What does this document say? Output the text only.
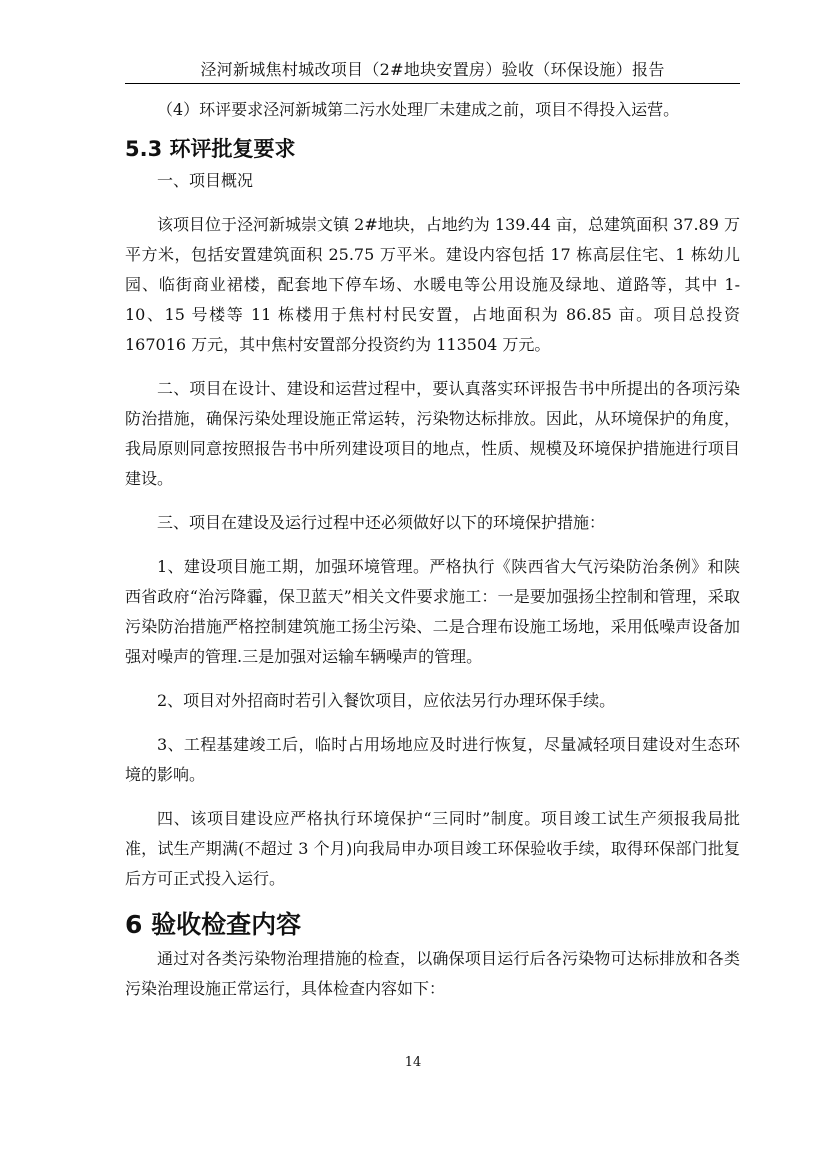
泾河新城焦村城改项目（2#地块安置房）验收（环保设施）报告

（4）环评要求泾河新城第二污水处理厂未建成之前，项目不得投入运营。

5.3 环评批复要求

一、项目概况

该项目位于泾河新城崇文镇 2#地块，占地约为 139.44 亩，总建筑面积 37.89 万平方米，包括安置建筑面积 25.75 万平米。建设内容包括 17 栋高层住宅、1 栋幼儿园、临街商业裙楼，配套地下停车场、水暖电等公用设施及绿地、道路等，其中 1-10、15 号楼等 11 栋楼用于焦村村民安置，占地面积为 86.85 亩。项目总投资 167016 万元，其中焦村安置部分投资约为 113504 万元。

二、项目在设计、建设和运营过程中，要认真落实环评报告书中所提出的各项污染防治措施，确保污染处理设施正常运转，污染物达标排放。因此，从环境保护的角度，我局原则同意按照报告书中所列建设项目的地点，性质、规模及环境保护措施进行项目建设。

三、项目在建设及运行过程中还必须做好以下的环境保护措施：

1、建设项目施工期，加强环境管理。严格执行《陕西省大气污染防治条例》和陕西省政府“治污降霾，保卫蓝天”相关文件要求施工：一是要加强扬尘控制和管理，采取污染防治措施严格控制建筑施工扬尘污染、二是合理布设施工场地，采用低噪声设备加强对噪声的管理.三是加强对运输车辆噪声的管理。

2、项目对外招商时若引入餐饮项目，应依法另行办理环保手续。

3、工程基建竣工后，临时占用场地应及时进行恢复，尽量减轻项目建设对生态环境的影响。

四、该项目建设应严格执行环境保护“三同时”制度。项目竣工试生产须报我局批准，试生产期满(不超过 3 个月)向我局申办项目竣工环保验收手续，取得环保部门批复后方可正式投入运行。

6 验收检查内容

通过对各类污染物治理措施的检查，以确保项目运行后各污染物可达标排放和各类污染治理设施正常运行，具体检查内容如下：

14
